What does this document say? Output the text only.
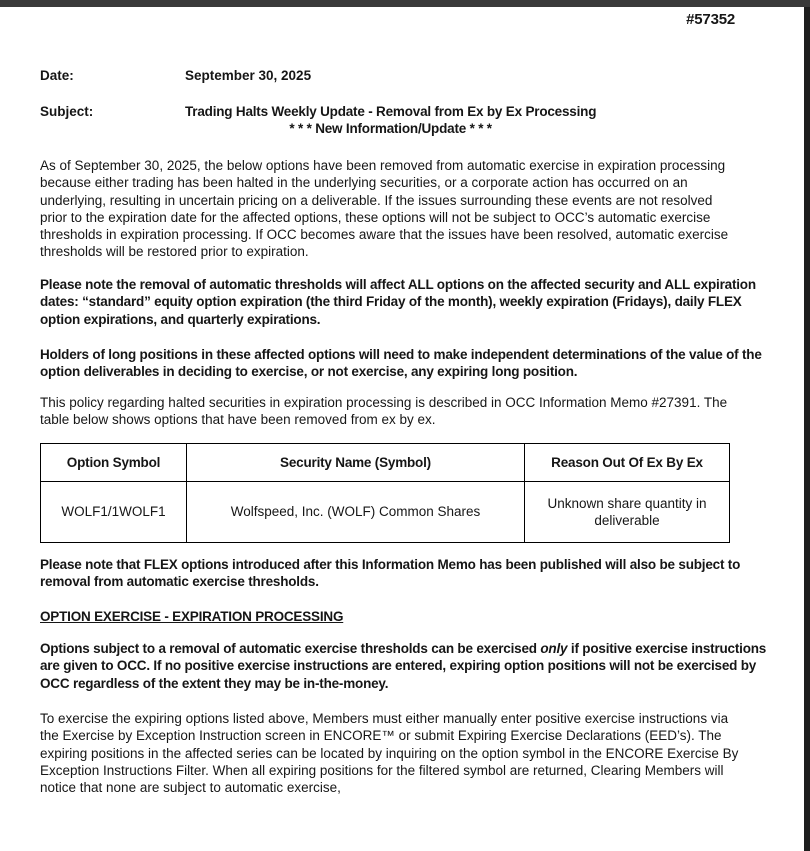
#57352
Date:	September 30, 2025
Subject:	Trading Halts Weekly Update - Removal from Ex by Ex Processing
* * * New Information/Update * * *
As of September 30, 2025, the below options have been removed from automatic exercise in expiration processing because either trading has been halted in the underlying securities, or a corporate action has occurred on an underlying, resulting in uncertain pricing on a deliverable. If the issues surrounding these events are not resolved prior to the expiration date for the affected options, these options will not be subject to OCC’s automatic exercise thresholds in expiration processing. If OCC becomes aware that the issues have been resolved, automatic exercise thresholds will be restored prior to expiration.
Please note the removal of automatic thresholds will affect ALL options on the affected security and ALL expiration dates: “standard” equity option expiration (the third Friday of the month), weekly expiration (Fridays), daily FLEX option expirations, and quarterly expirations.
Holders of long positions in these affected options will need to make independent determinations of the value of the option deliverables in deciding to exercise, or not exercise, any expiring long position.
This policy regarding halted securities in expiration processing is described in OCC Information Memo #27391. The table below shows options that have been removed from ex by ex.
Option Symbol	Security Name (Symbol)	Reason Out Of Ex By Ex
WOLF1/1WOLF1	Wolfspeed, Inc. (WOLF) Common Shares	Unknown share quantity in deliverable
Please note that FLEX options introduced after this Information Memo has been published will also be subject to removal from automatic exercise thresholds.
OPTION EXERCISE - EXPIRATION PROCESSING
Options subject to a removal of automatic exercise thresholds can be exercised only if positive exercise instructions are given to OCC. If no positive exercise instructions are entered, expiring option positions will not be exercised by OCC regardless of the extent they may be in-the-money.
To exercise the expiring options listed above, Members must either manually enter positive exercise instructions via the Exercise by Exception Instruction screen in ENCORE™ or submit Expiring Exercise Declarations (EED’s). The expiring positions in the affected series can be located by inquiring on the option symbol in the ENCORE Exercise By Exception Instructions Filter. When all expiring positions for the filtered symbol are returned, Clearing Members will notice that none are subject to automatic exercise,
